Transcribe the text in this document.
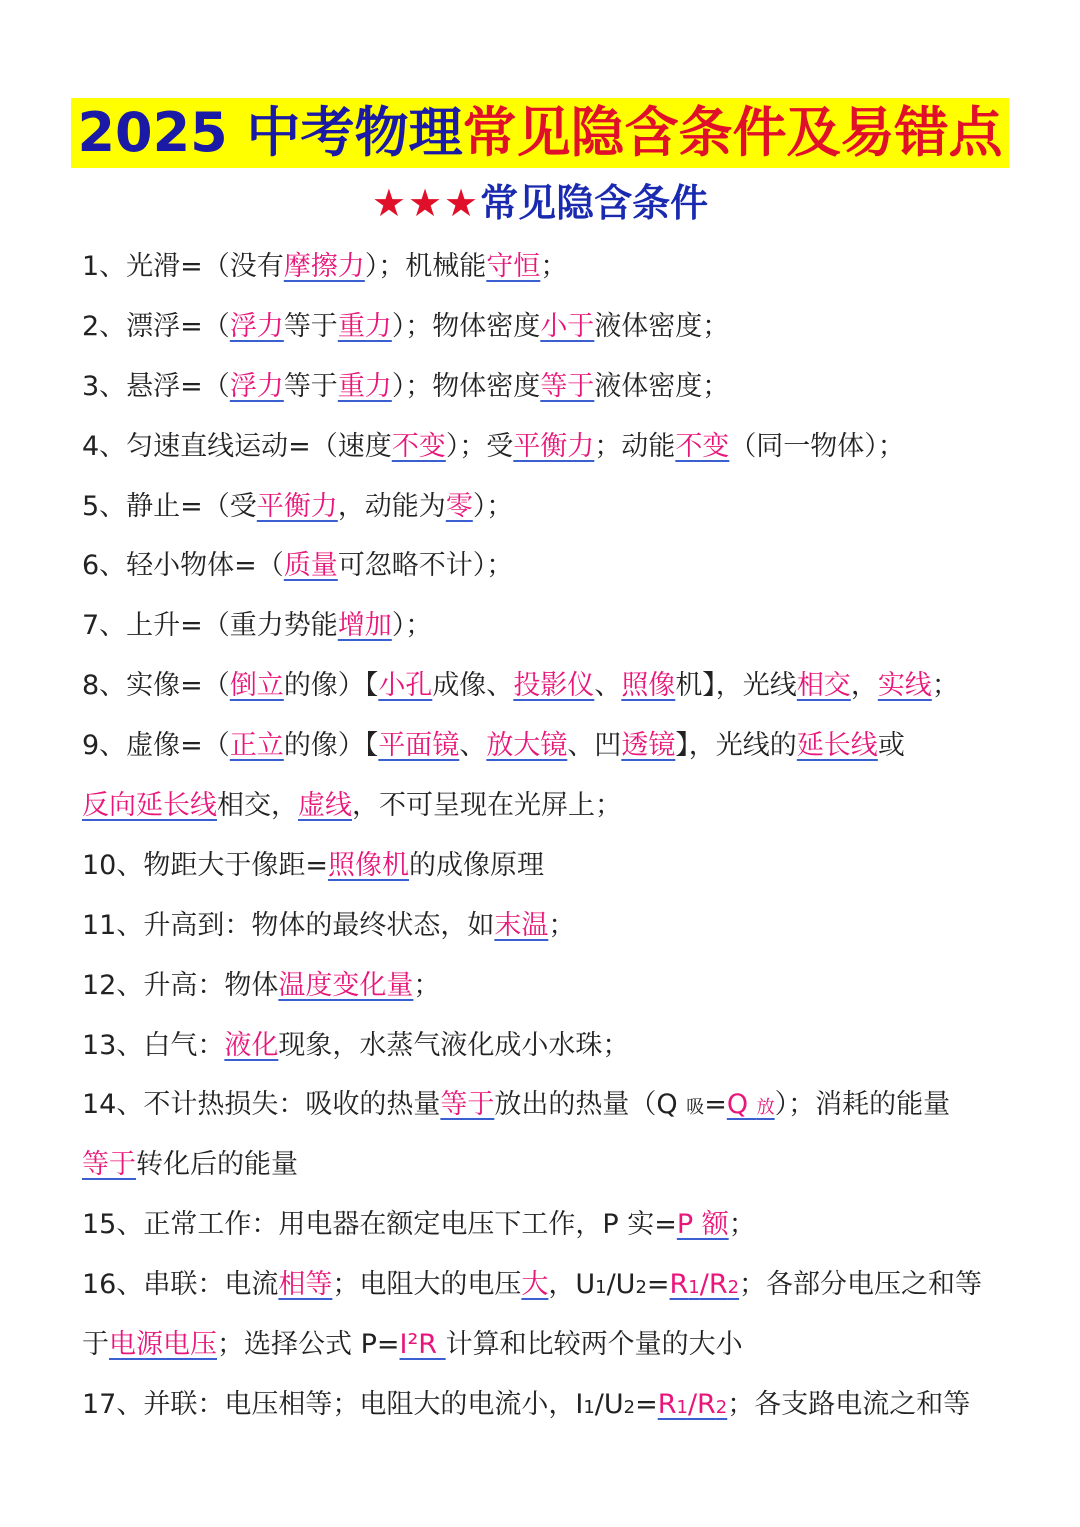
2025 中考物理常见隐含条件及易错点
★★★常见隐含条件
1、光滑=（没有摩擦力）；机械能守恒；
2、漂浮=（浮力等于重力）；物体密度小于液体密度；
3、悬浮=（浮力等于重力）；物体密度等于液体密度；
4、匀速直线运动=（速度不变）；受平衡力；动能不变（同一物体）；
5、静止=（受平衡力，动能为零）；
6、轻小物体=（质量可忽略不计）；
7、上升=（重力势能增加）；
8、实像=（倒立的像）【小孔成像、投影仪、照像机】，光线相交，实线；
9、虚像=（正立的像）【平面镜、放大镜、凹透镜】，光线的延长线或
反向延长线相交，虚线，不可呈现在光屏上；
10、物距大于像距=照像机的成像原理
11、升高到：物体的最终状态，如末温；
12、升高：物体温度变化量；
13、白气：液化现象，水蒸气液化成小水珠；
14、不计热损失：吸收的热量等于放出的热量（Q 吸=Q 放）；消耗的能量
等于转化后的能量
15、正常工作：用电器在额定电压下工作，P 实=P 额；
16、串联：电流相等；电阻大的电压大，U1/U2=R1/R2；各部分电压之和等
于电源电压；选择公式 P=I²R 计算和比较两个量的大小
17、并联：电压相等；电阻大的电流小，I1/U2=R1/R2；各支路电流之和等
